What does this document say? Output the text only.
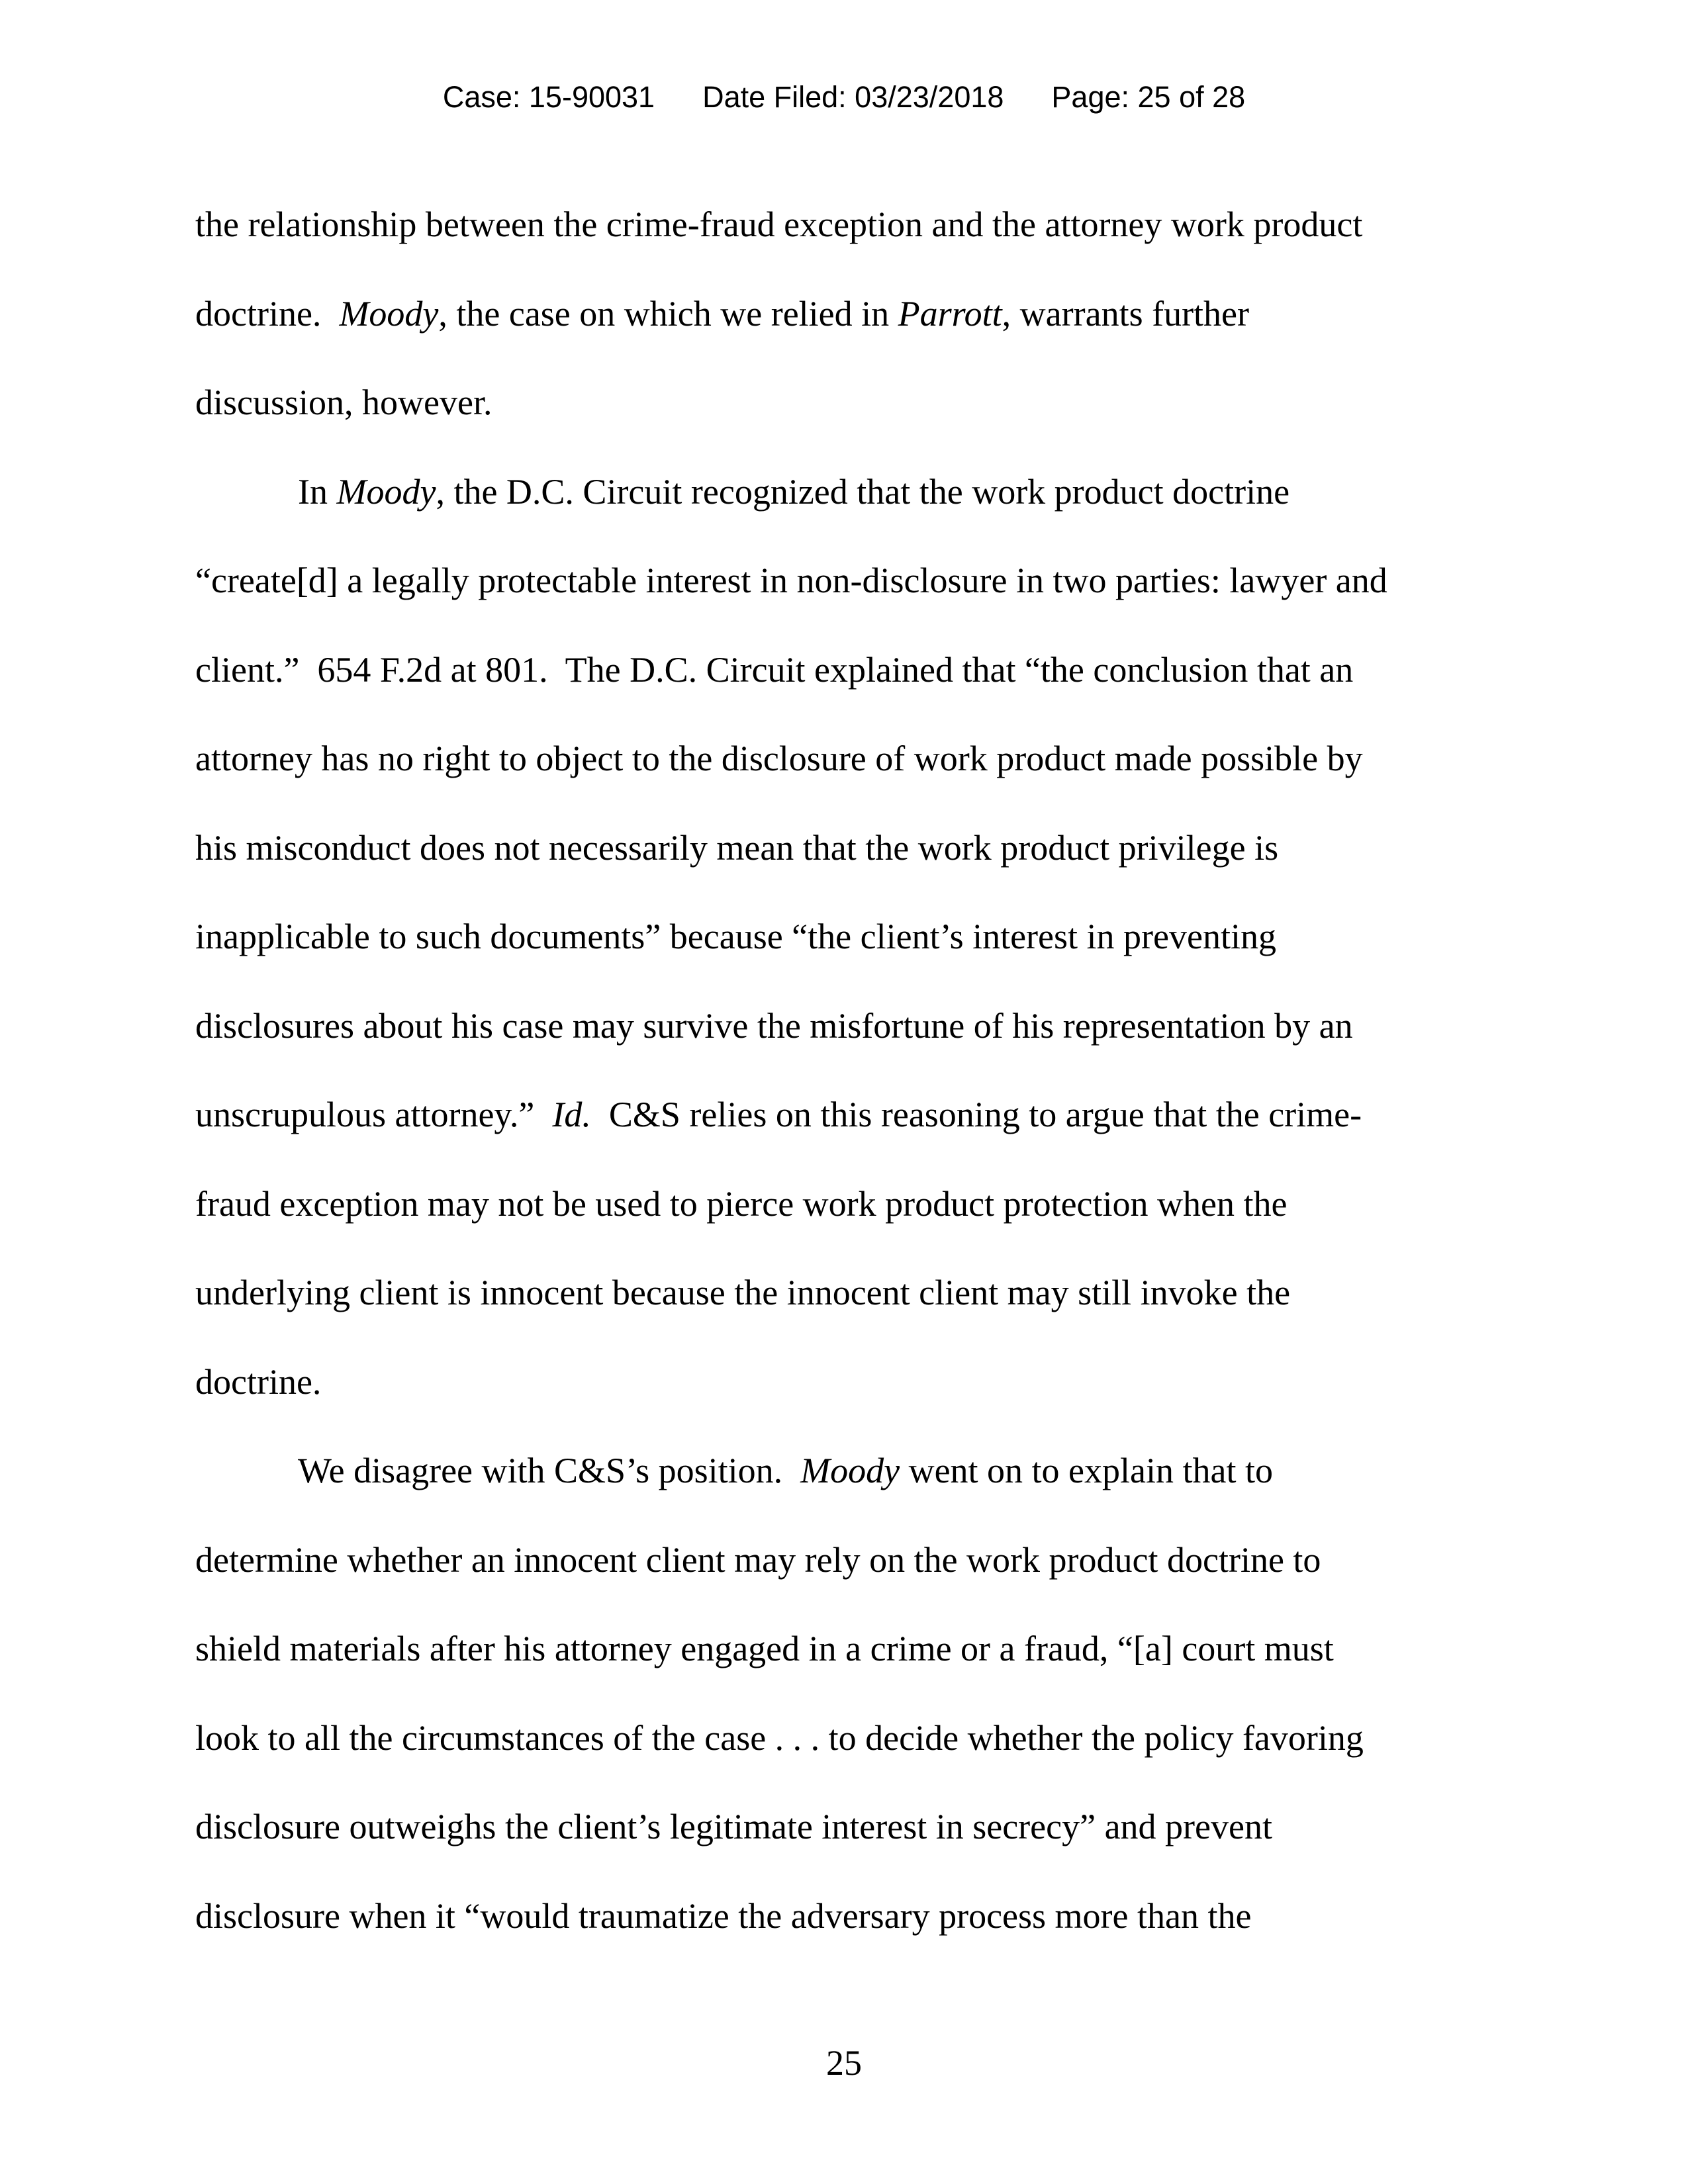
Case: 15-90031 Date Filed: 03/23/2018 Page: 25 of 28
the relationship between the crime-fraud exception and the attorney work product
doctrine.  Moody, the case on which we relied in Parrott, warrants further
discussion, however.
In Moody, the D.C. Circuit recognized that the work product doctrine
“create[d] a legally protectable interest in non-disclosure in two parties: lawyer and
client.”  654 F.2d at 801.  The D.C. Circuit explained that “the conclusion that an
attorney has no right to object to the disclosure of work product made possible by
his misconduct does not necessarily mean that the work product privilege is
inapplicable to such documents” because “the client’s interest in preventing
disclosures about his case may survive the misfortune of his representation by an
unscrupulous attorney.”  Id.  C&S relies on this reasoning to argue that the crime-
fraud exception may not be used to pierce work product protection when the
underlying client is innocent because the innocent client may still invoke the
doctrine.
We disagree with C&S’s position.  Moody went on to explain that to
determine whether an innocent client may rely on the work product doctrine to
shield materials after his attorney engaged in a crime or a fraud, “[a] court must
look to all the circumstances of the case . . . to decide whether the policy favoring
disclosure outweighs the client’s legitimate interest in secrecy” and prevent
disclosure when it “would traumatize the adversary process more than the
25
